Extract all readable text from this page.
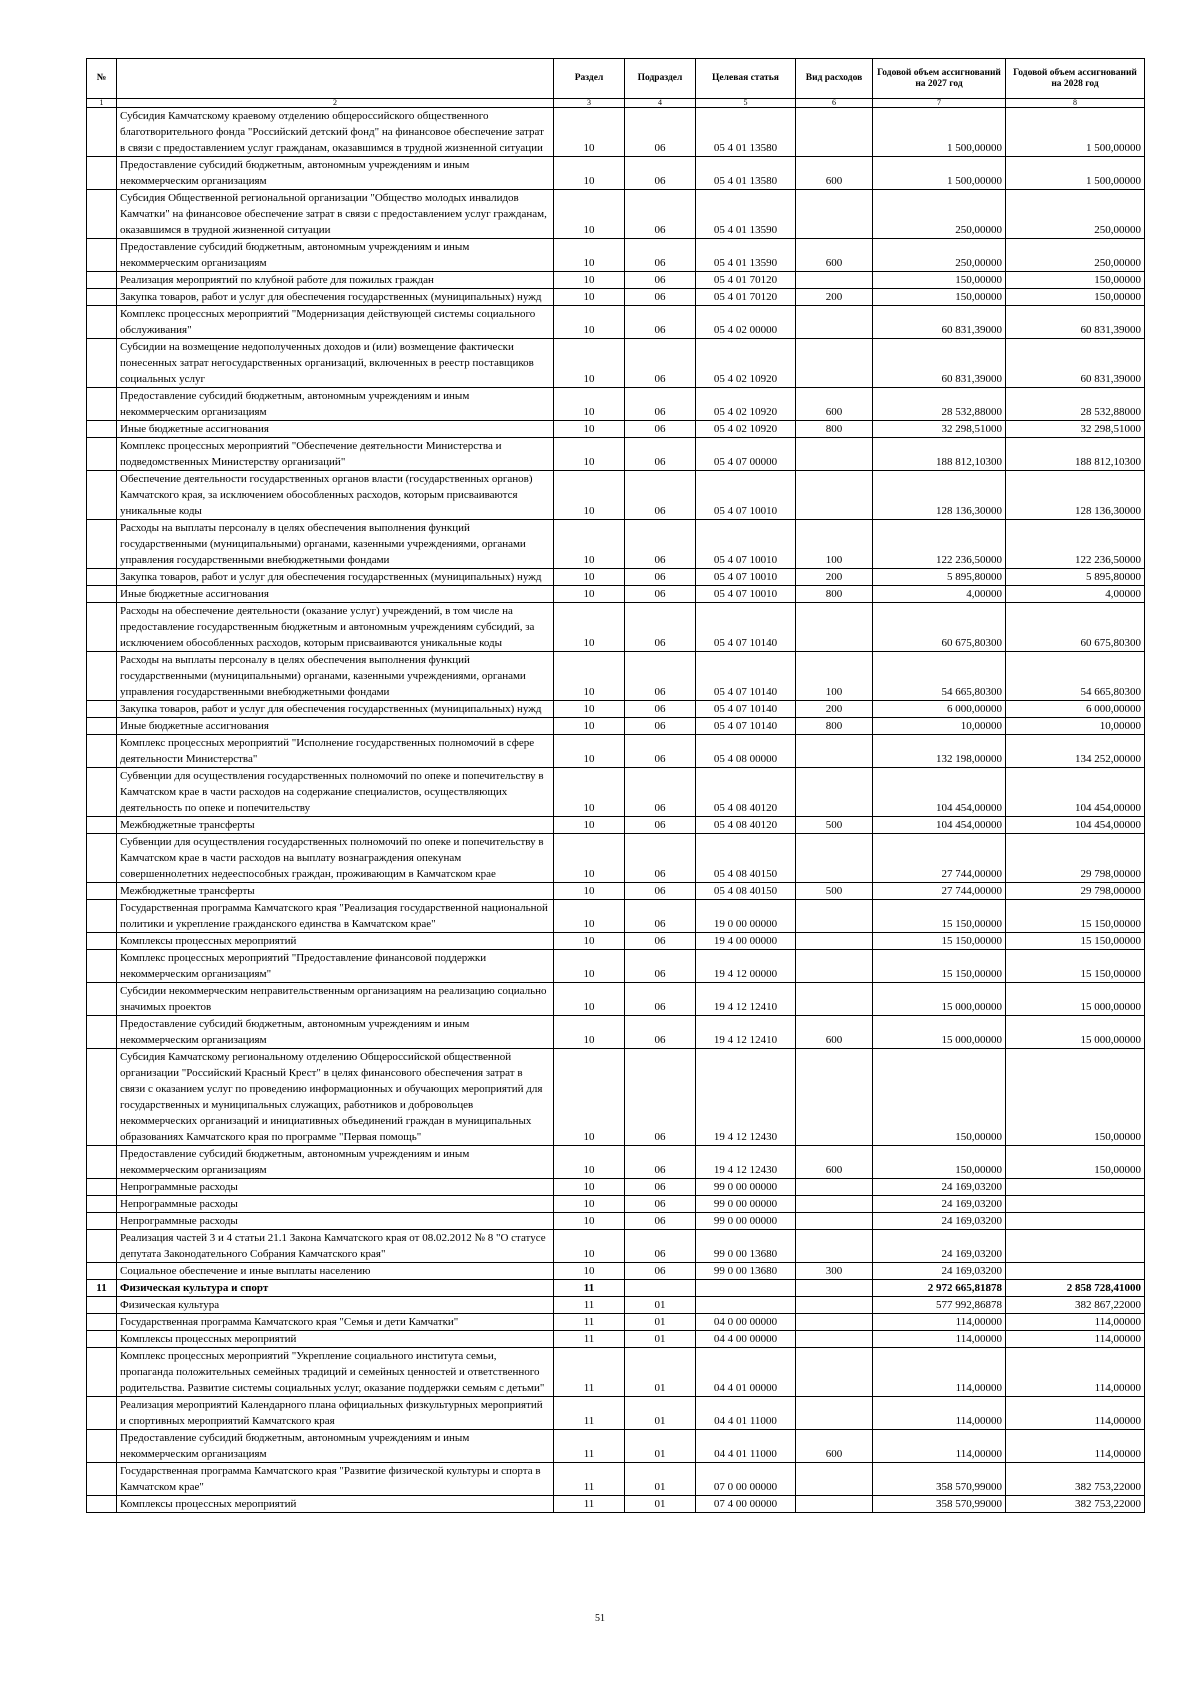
№		Раздел	Подраздел	Целевая статья	Вид расходов	Годовой объем ассигнований на 2027 год	Годовой объем ассигнований на 2028 год
1	2	3	4	5	6	7	8
	Субсидия Камчатскому краевому отделению общероссийского общественного благотворительного фонда "Российский детский фонд" на финансовое обеспечение затрат в связи с предоставлением услуг гражданам, оказавшимся в трудной жизненной ситуации	10	06	05 4 01 13580		1 500,00000	1 500,00000
	Предоставление субсидий бюджетным, автономным учреждениям и иным некоммерческим организациям	10	06	05 4 01 13580	600	1 500,00000	1 500,00000
	Субсидия Общественной региональной организации "Общество молодых инвалидов Камчатки" на финансовое обеспечение затрат в связи с предоставлением услуг гражданам, оказавшимся в трудной жизненной ситуации	10	06	05 4 01 13590		250,00000	250,00000
	Предоставление субсидий бюджетным, автономным учреждениям и иным некоммерческим организациям	10	06	05 4 01 13590	600	250,00000	250,00000
	Реализация мероприятий по клубной работе для пожилых граждан	10	06	05 4 01 70120		150,00000	150,00000
	Закупка товаров, работ и услуг для обеспечения государственных (муниципальных) нужд	10	06	05 4 01 70120	200	150,00000	150,00000
	Комплекс процессных мероприятий "Модернизация действующей системы социального обслуживания"	10	06	05 4 02 00000		60 831,39000	60 831,39000
	Субсидии на возмещение недополученных доходов и (или) возмещение фактически понесенных затрат негосударственных организаций, включенных в реестр поставщиков социальных услуг	10	06	05 4 02 10920		60 831,39000	60 831,39000
	Предоставление субсидий бюджетным, автономным учреждениям и иным некоммерческим организациям	10	06	05 4 02 10920	600	28 532,88000	28 532,88000
	Иные бюджетные ассигнования	10	06	05 4 02 10920	800	32 298,51000	32 298,51000
	Комплекс процессных мероприятий "Обеспечение деятельности Министерства и подведомственных Министерству организаций"	10	06	05 4 07 00000		188 812,10300	188 812,10300
	Обеспечение деятельности государственных органов власти (государственных органов) Камчатского края, за исключением обособленных расходов, которым присваиваются уникальные коды	10	06	05 4 07 10010		128 136,30000	128 136,30000
	Расходы на выплаты персоналу в целях обеспечения выполнения функций государственными (муниципальными) органами, казенными учреждениями, органами управления государственными внебюджетными фондами	10	06	05 4 07 10010	100	122 236,50000	122 236,50000
	Закупка товаров, работ и услуг для обеспечения государственных (муниципальных) нужд	10	06	05 4 07 10010	200	5 895,80000	5 895,80000
	Иные бюджетные ассигнования	10	06	05 4 07 10010	800	4,00000	4,00000
	Расходы на обеспечение деятельности (оказание услуг) учреждений, в том числе на предоставление государственным бюджетным и автономным учреждениям субсидий, за исключением обособленных расходов, которым присваиваются уникальные коды	10	06	05 4 07 10140		60 675,80300	60 675,80300
	Расходы на выплаты персоналу в целях обеспечения выполнения функций государственными (муниципальными) органами, казенными учреждениями, органами управления государственными внебюджетными фондами	10	06	05 4 07 10140	100	54 665,80300	54 665,80300
	Закупка товаров, работ и услуг для обеспечения государственных (муниципальных) нужд	10	06	05 4 07 10140	200	6 000,00000	6 000,00000
	Иные бюджетные ассигнования	10	06	05 4 07 10140	800	10,00000	10,00000
	Комплекс процессных мероприятий "Исполнение государственных полномочий в сфере деятельности Министерства"	10	06	05 4 08 00000		132 198,00000	134 252,00000
	Субвенции для осуществления государственных полномочий по опеке и попечительству в Камчатском крае в части расходов на содержание специалистов, осуществляющих деятельность по опеке и попечительству	10	06	05 4 08 40120		104 454,00000	104 454,00000
	Межбюджетные трансферты	10	06	05 4 08 40120	500	104 454,00000	104 454,00000
	Субвенции для осуществления государственных полномочий по опеке и попечительству в Камчатском крае в части расходов на выплату вознаграждения опекунам совершеннолетних недееспособных граждан, проживающим в Камчатском крае	10	06	05 4 08 40150		27 744,00000	29 798,00000
	Межбюджетные трансферты	10	06	05 4 08 40150	500	27 744,00000	29 798,00000
	Государственная программа Камчатского края "Реализация государственной национальной политики и укрепление гражданского единства в Камчатском крае"	10	06	19 0 00 00000		15 150,00000	15 150,00000
	Комплексы процессных мероприятий	10	06	19 4 00 00000		15 150,00000	15 150,00000
	Комплекс процессных мероприятий "Предоставление финансовой поддержки некоммерческим организациям"	10	06	19 4 12 00000		15 150,00000	15 150,00000
	Субсидии некоммерческим неправительственным организациям на реализацию социально значимых проектов	10	06	19 4 12 12410		15 000,00000	15 000,00000
	Предоставление субсидий бюджетным, автономным учреждениям и иным некоммерческим организациям	10	06	19 4 12 12410	600	15 000,00000	15 000,00000
	Субсидия Камчатскому региональному отделению Общероссийской общественной организации "Российский Красный Крест" в целях финансового обеспечения затрат в связи с оказанием услуг по проведению информационных и обучающих мероприятий для государственных и муниципальных служащих, работников и добровольцев некоммерческих организаций и инициативных объединений граждан в муниципальных образованиях Камчатского края по программе "Первая помощь"	10	06	19 4 12 12430		150,00000	150,00000
	Предоставление субсидий бюджетным, автономным учреждениям и иным некоммерческим организациям	10	06	19 4 12 12430	600	150,00000	150,00000
	Непрограммные расходы	10	06	99 0 00 00000		24 169,03200	
	Непрограммные расходы	10	06	99 0 00 00000		24 169,03200	
	Непрограммные расходы	10	06	99 0 00 00000		24 169,03200	
	Реализация частей 3 и 4 статьи 21.1 Закона Камчатского края от 08.02.2012 № 8 "О статусе депутата Законодательного Собрания Камчатского края"	10	06	99 0 00 13680		24 169,03200	
	Социальное обеспечение и иные выплаты населению	10	06	99 0 00 13680	300	24 169,03200	
11	Физическая культура и спорт	11				2 972 665,81878	2 858 728,41000
	Физическая культура	11	01			577 992,86878	382 867,22000
	Государственная программа Камчатского края "Семья и дети Камчатки"	11	01	04 0 00 00000		114,00000	114,00000
	Комплексы процессных мероприятий	11	01	04 4 00 00000		114,00000	114,00000
	Комплекс процессных мероприятий "Укрепление социального института семьи, пропаганда положительных семейных традиций и семейных ценностей и ответственного родительства. Развитие системы социальных услуг, оказание поддержки семьям с детьми"	11	01	04 4 01 00000		114,00000	114,00000
	Реализация мероприятий Календарного плана официальных физкультурных мероприятий и спортивных мероприятий Камчатского края	11	01	04 4 01 11000		114,00000	114,00000
	Предоставление субсидий бюджетным, автономным учреждениям и иным некоммерческим организациям	11	01	04 4 01 11000	600	114,00000	114,00000
	Государственная программа Камчатского края "Развитие физической культуры и спорта в Камчатском крае"	11	01	07 0 00 00000		358 570,99000	382 753,22000
	Комплексы процессных мероприятий	11	01	07 4 00 00000		358 570,99000	382 753,22000
51
